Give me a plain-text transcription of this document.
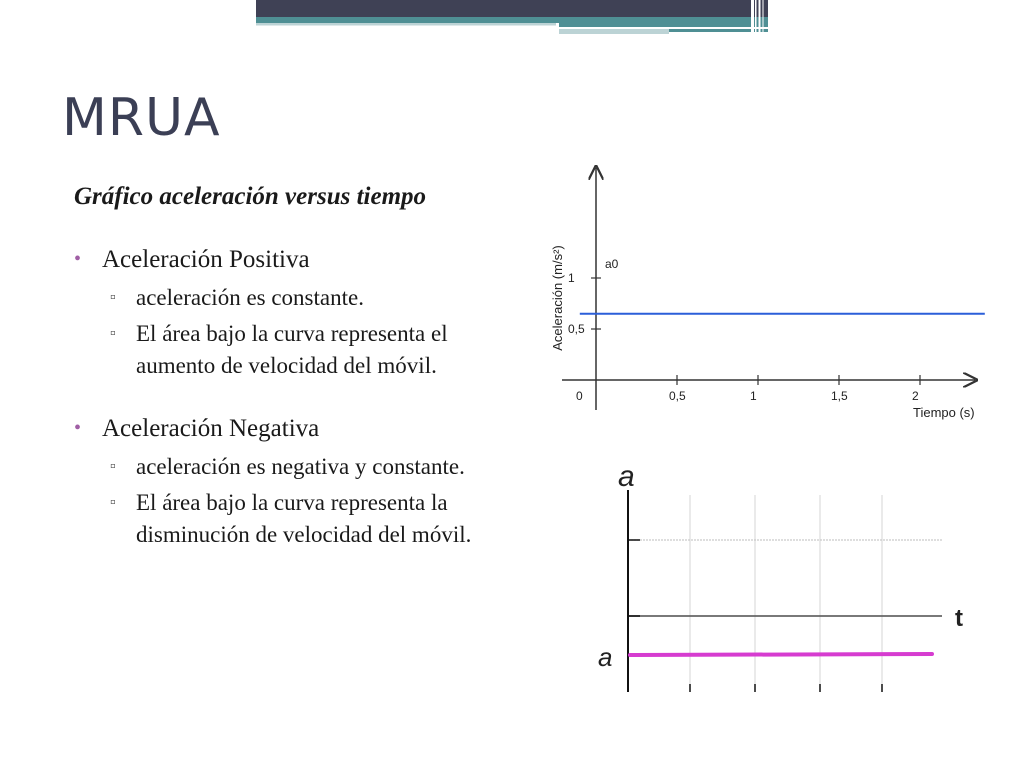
MRUA

Gráfico aceleración versus tiempo

• Aceleración Positiva

▫ aceleración es constante.

▫ El área bajo la curva representa el aumento de velocidad del móvil.

• Aceleración Negativa

▫ aceleración es negativa y constante.

▫ El área bajo la curva representa la disminución de velocidad del móvil.

0	0,5	1	1,5	2
0,5
1
a0
Tiempo (s)
Aceleración (m/s²)
a
t
a
